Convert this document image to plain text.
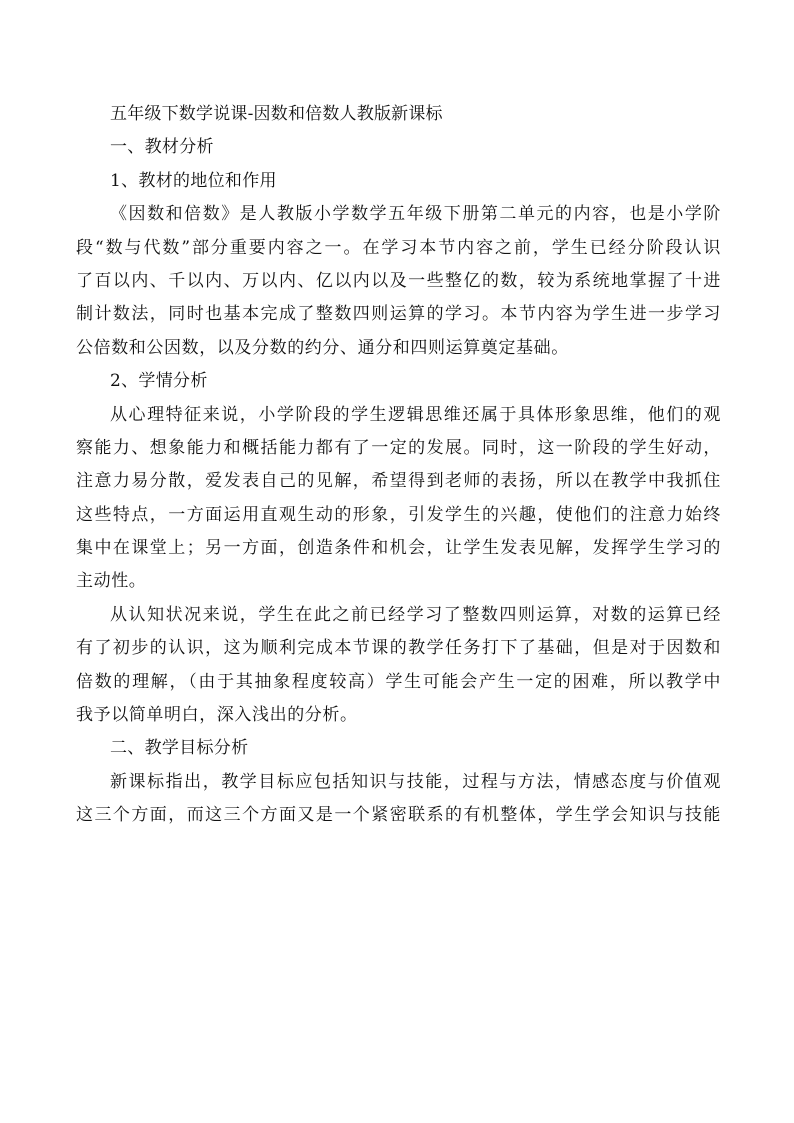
五年级下数学说课-因数和倍数人教版新课标
一、教材分析
1、教材的地位和作用
《因数和倍数》是人教版小学数学五年级下册第二单元的内容，也是小学阶
段“数与代数”部分重要内容之一。在学习本节内容之前，学生已经分阶段认识
了百以内、千以内、万以内、亿以内以及一些整亿的数，较为系统地掌握了十进
制计数法，同时也基本完成了整数四则运算的学习。本节内容为学生进一步学习
公倍数和公因数，以及分数的约分、通分和四则运算奠定基础。
2、学情分析
从心理特征来说，小学阶段的学生逻辑思维还属于具体形象思维，他们的观
察能力、想象能力和概括能力都有了一定的发展。同时，这一阶段的学生好动，
注意力易分散，爱发表自己的见解，希望得到老师的表扬，所以在教学中我抓住
这些特点，一方面运用直观生动的形象，引发学生的兴趣，使他们的注意力始终
集中在课堂上；另一方面，创造条件和机会，让学生发表见解，发挥学生学习的
主动性。
从认知状况来说，学生在此之前已经学习了整数四则运算，对数的运算已经
有了初步的认识，这为顺利完成本节课的教学任务打下了基础，但是对于因数和
倍数的理解，（由于其抽象程度较高）学生可能会产生一定的困难，所以教学中
我予以简单明白，深入浅出的分析。
二、教学目标分析
新课标指出，教学目标应包括知识与技能，过程与方法，情感态度与价值观
这三个方面，而这三个方面又是一个紧密联系的有机整体，学生学会知识与技能
